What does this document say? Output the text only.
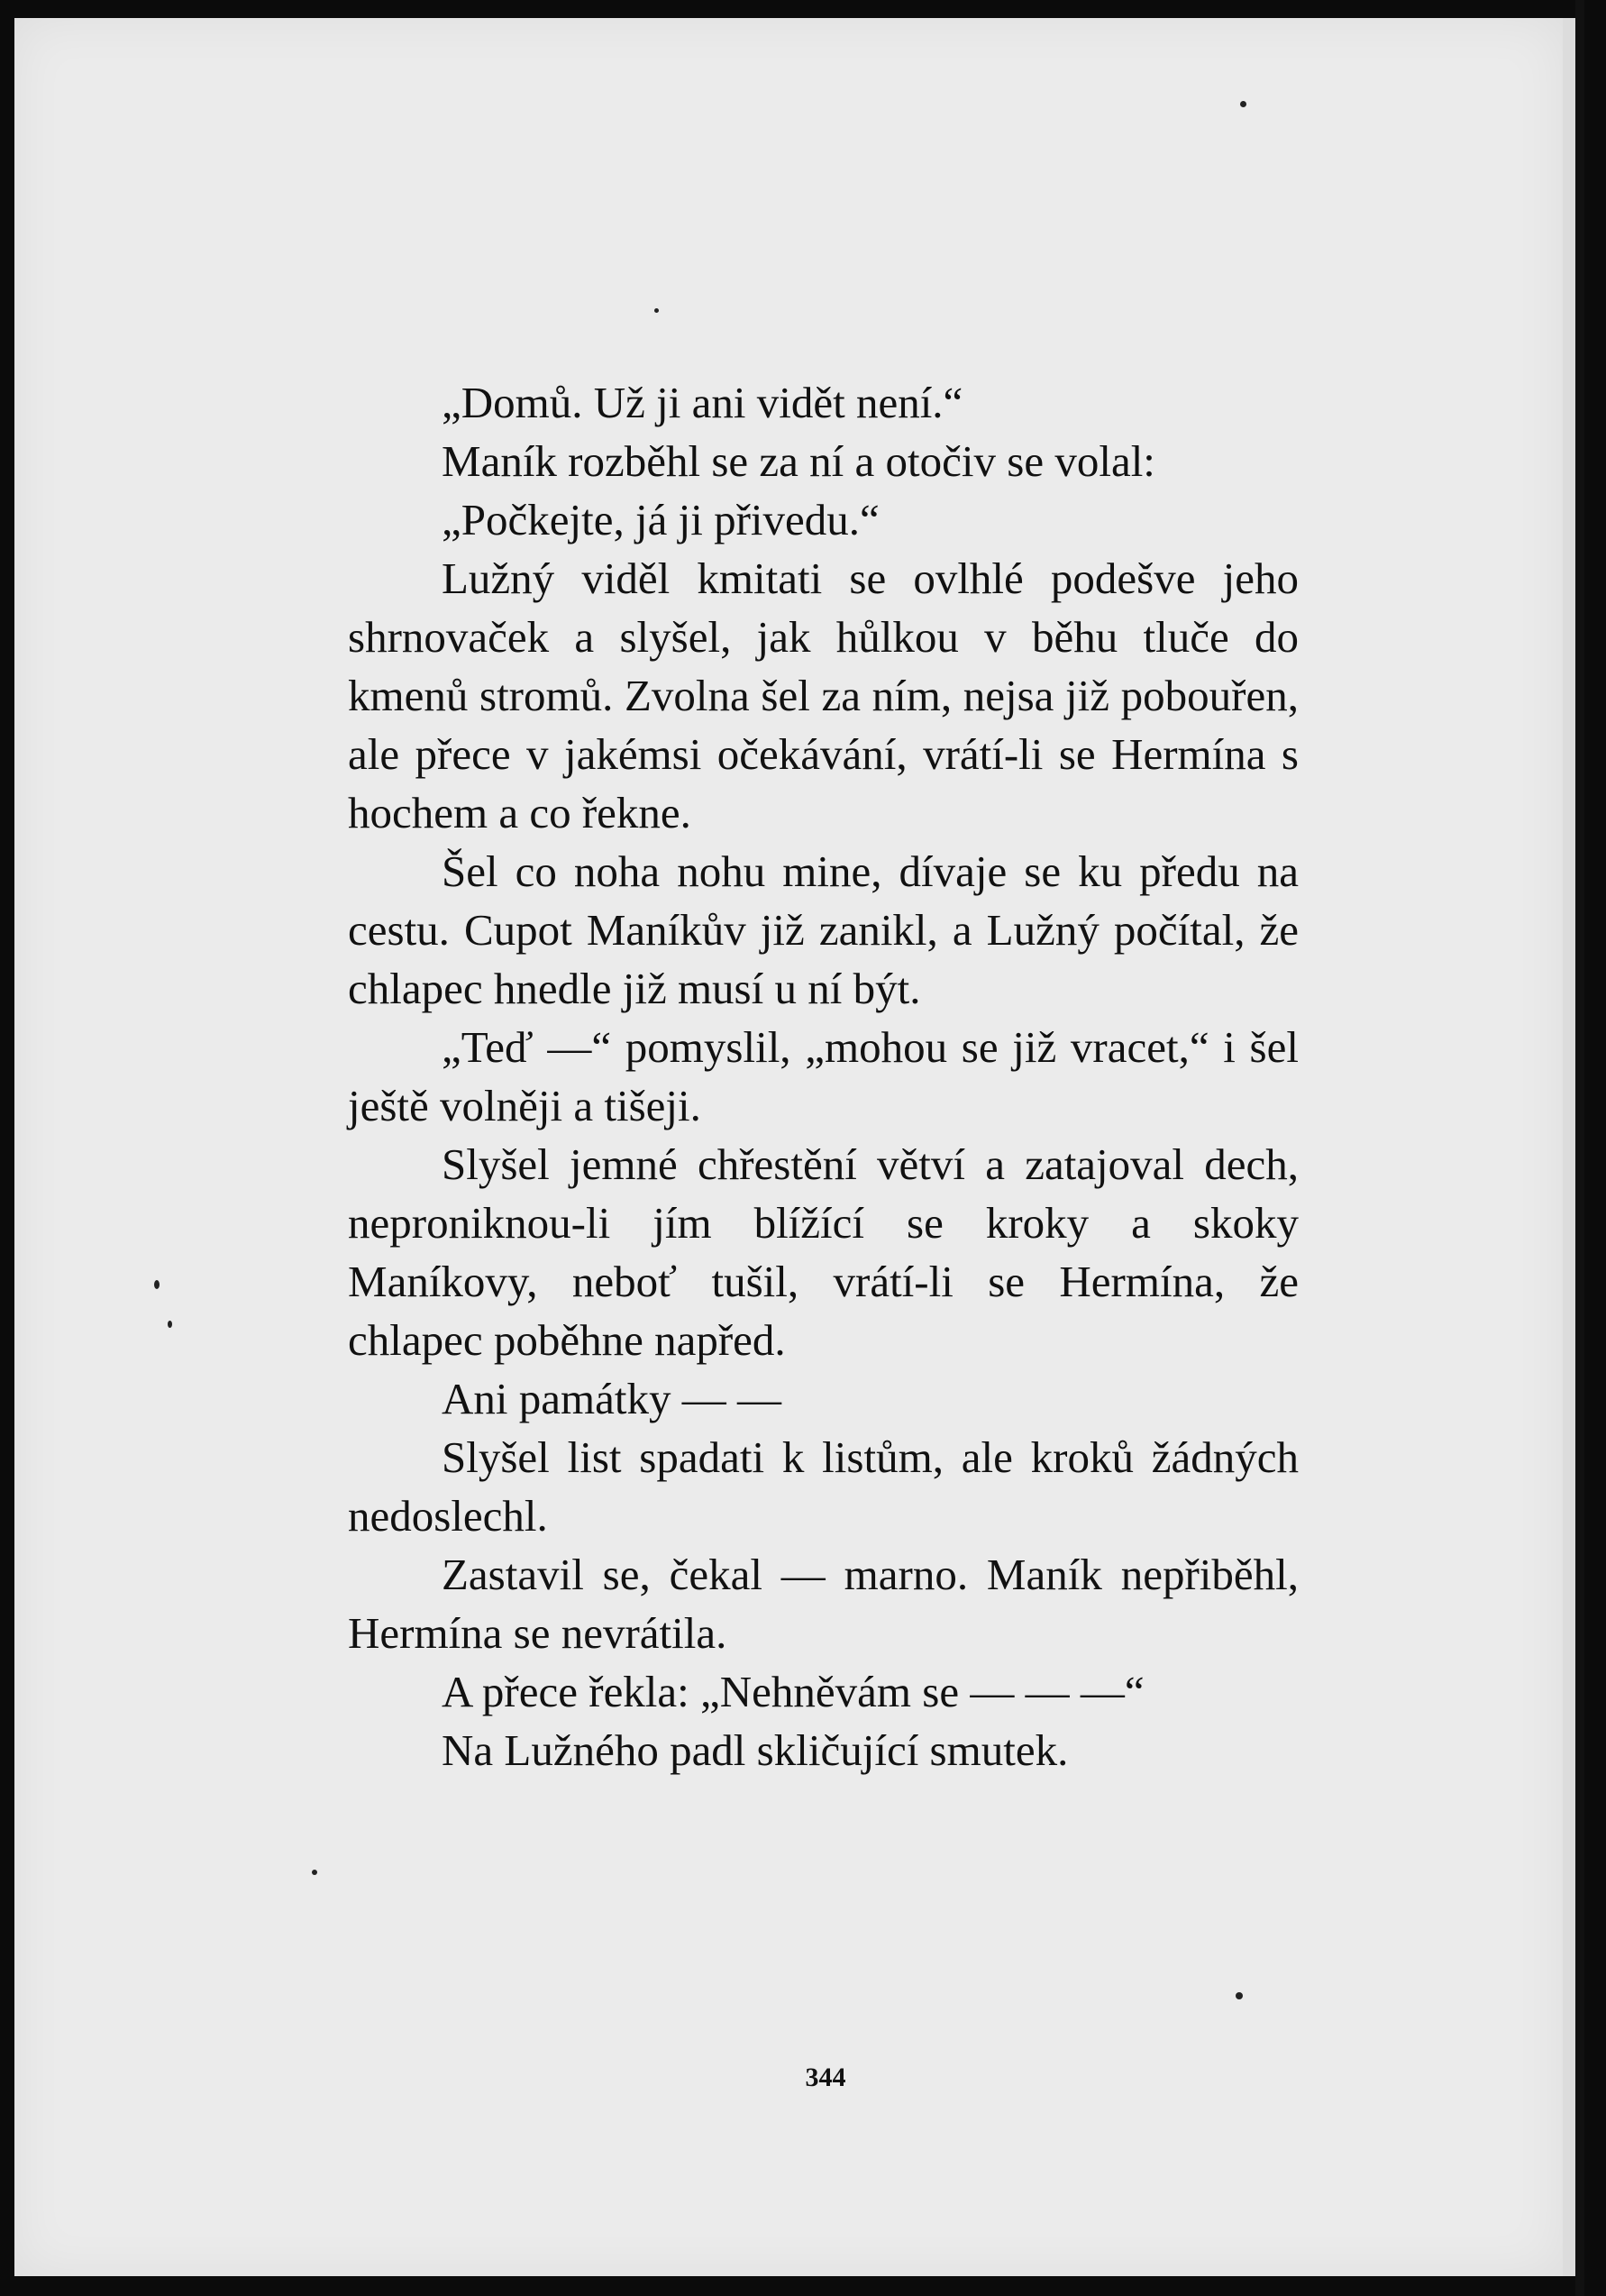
„Domů. Už ji ani vidět není.“

Maník rozběhl se za ní a otočiv se volal:

„Počkejte, já ji přivedu.“

Lužný viděl kmitati se ovlhlé podešve jeho shrnovaček a slyšel, jak hůlkou v běhu tluče do kmenů stromů. Zvolna šel za ním, nejsa již pobouřen, ale přece v jakémsi očekávání, vrátí-li se Hermína s hochem a co řekne.

Šel co noha nohu mine, dívaje se ku předu na cestu. Cupot Maníkův již zanikl, a Lužný počítal, že chlapec hnedle již musí u ní být.

„Teď —“ pomyslil, „mohou se již vracet,“ i šel ještě volněji a tišeji.

Slyšel jemné chřestění větví a zatajoval dech, neproniknou-li jím blížící se kroky a skoky Maníkovy, neboť tušil, vrátí-li se Hermína, že chlapec poběhne napřed.

Ani památky — —

Slyšel list spadati k listům, ale kroků žádných nedoslechl.

Zastavil se, čekal — marno. Maník nepřiběhl, Hermína se nevrátila.

A přece řekla: „Nehněvám se — — —“

Na Lužného padl skličující smutek.

344
